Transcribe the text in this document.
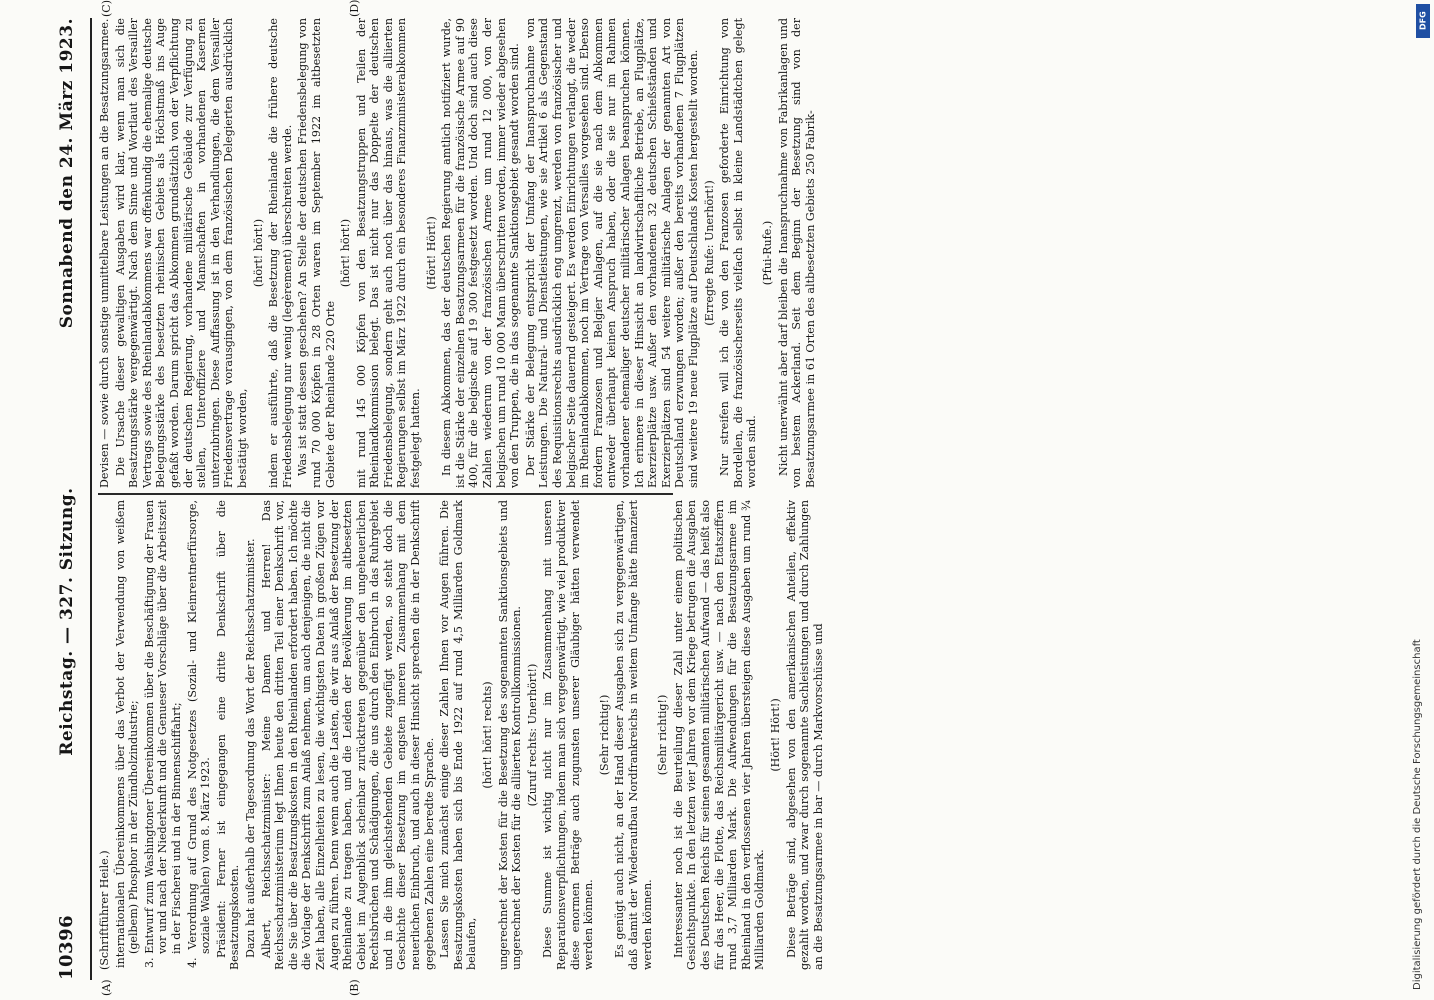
10396
Reichstag. — 327. Sitzung.
Sonnabend den 24. März 1923.
(A)	(B)
(C)	(D)

(Schriftführer Heile.) internationalen Übereinkommens über das Verbot der Verwendung von weißem (gelbem) Phosphor in der Zündholzindustrie; 3. Entwurf zum Washingtoner Übereinkommen über die Beschäftigung der Frauen vor und nach der Niederkunft und die Genueser Vorschläge über die Arbeitszeit in der Fischerei und in der Binnenschiffahrt; 4. Verordnung auf Grund des Notgesetzes (Sozial- und Kleinrentnerfürsorge, soziale Wahlen) vom 8. März 1923. Präsident: Ferner ist eingegangen eine dritte Denkschrift über die Besatzungskosten. Dazu hat außerhalb der Tagesordnung das Wort der Reichsschatzminister. Albert, Reichsschatzminister: Meine Damen und Herren! Das Reichsschatzministerium legt Ihnen heute den dritten Teil einer Denkschrift vor, die Sie über die Besatzungskosten in den Rheinlanden erfordert haben. Ich möchte die Vorlage der Denkschrift zum Anlaß nehmen, um auch denjenigen, die nicht die Zeit haben, alle Einzelheiten zu lesen, die wichtigsten Daten in großen Zügen vor Augen zu führen. Denn wenn auch die Lasten, die wir aus Anlaß der Besetzung der Rheinlande zu tragen haben, und die Leiden der Bevölkerung im altbesetzten Gebiet im Augenblick scheinbar zurücktreten gegenüber den ungeheuerlichen Rechtsbrüchen und Schädigungen, die uns durch den Einbruch in das Ruhrgebiet und in die ihm gleichstehenden Gebiete zugefügt werden, so steht doch die Geschichte dieser Besetzung im engsten inneren Zusammenhang mit dem neuerlichen Einbruch, und auch in dieser Hinsicht sprechen die in der Denkschrift gegebenen Zahlen eine beredte Sprache. Lassen Sie mich zunächst einige dieser Zahlen Ihnen vor Augen führen. Die Besatzungskosten haben sich bis Ende 1922 auf rund 4,5 Milliarden Goldmark belaufen,

(hört! hört! rechts) ungerechnet der Kosten für die Besetzung des sogenannten Sanktionsgebiets und ungerechnet der Kosten für die alliierten Kontrollkommissionen. (Zuruf rechts: Unerhört!) Diese Summe ist wichtig nicht nur im Zusammenhang mit unseren Reparationsverpflichtungen, indem man sich vergegenwärtigt, wie viel produktiver diese enormen Beträge auch zugunsten unserer Gläubiger hätten verwendet werden können.

(Sehr richtig!) Es genügt auch nicht, an der Hand dieser Ausgaben sich zu vergegenwärtigen, daß damit der Wiederaufbau Nordfrankreichs in weitem Umfange hätte finanziert werden können.

(Sehr richtig!) Interessanter noch ist die Beurteilung dieser Zahl unter einem politischen Gesichtspunkte. In den letzten vier Jahren vor dem Kriege betrugen die Ausgaben des Deutschen Reichs für seinen gesamten militärischen Aufwand — das heißt also für das Heer, die Flotte, das Reichsmilitärgericht usw. — nach den Etatsziffern rund 3,7 Milliarden Mark. Die Aufwendungen für die Besatzungsarmee im Rheinland in den verflossenen vier Jahren übersteigen diese Ausgaben um rund ¾ Milliarden Goldmark.

(Hört! Hört!) Diese Beträge sind, abgesehen von den amerikanischen Anteilen, effektiv gezahlt worden, und zwar durch sogenannte Sachleistungen und durch Zahlungen an die Besatzungsarmee in bar — durch Markvorschüsse und

Devisen — sowie durch sonstige unmittelbare Leistungen an die Besatzungsarmee. Die Ursache dieser gewaltigen Ausgaben wird klar, wenn man sich die Besatzungsstärke vergegenwärtigt. Nach dem Sinne und Wortlaut des Versailler Vertrags sowie des Rheinlandabkommens war offenkundig die ehemalige deutsche Belegungsstärke des besetzten rheinischen Gebiets als Höchstmaß ins Auge gefaßt worden. Darum spricht das Abkommen grundsätzlich von der Verpflichtung der deutschen Regierung, vorhandene militärische Gebäude zur Verfügung zu stellen, Unteroffiziere und Mannschaften in vorhandenen Kasernen unterzubringen. Diese Auffassung ist in den Verhandlungen, die dem Versailler Friedensvertrage vorausgingen, von dem französischen Delegierten ausdrücklich bestätigt worden,

(hört! hört!) indem er ausführte, daß die Besetzung der Rheinlande die frühere deutsche Friedensbelegung nur wenig (legèrement) überschreiten werde. Was ist statt dessen geschehen? An Stelle der deutschen Friedensbelegung von rund 70 000 Köpfen in 28 Orten waren im September 1922 im altbesetzten Gebiete der Rheinlande 220 Orte

(hört! hört!) mit rund 145 000 Köpfen von den Besatzungstruppen und Teilen der Rheinlandkommission belegt. Das ist nicht nur das Doppelte der deutschen Friedensbelegung, sondern geht auch noch über das hinaus, was die alliierten Regierungen selbst im März 1922 durch ein besonderes Finanzministerabkommen festgelegt hatten.

(Hört! Hört!) In diesem Abkommen, das der deutschen Regierung amtlich notifiziert wurde, ist die Stärke der einzelnen Besatzungsarmeen für die französische Armee auf 90 400, für die belgische auf 19 300 festgesetzt worden. Und doch sind auch diese Zahlen wiederum von der französischen Armee um rund 12 000, von der belgischen um rund 10 000 Mann überschritten worden, immer wieder abgesehen von den Truppen, die in das sogenannte Sanktionsgebiet gesandt worden sind. Der Stärke der Belegung entspricht der Umfang der Inanspruchnahme von Leistungen. Die Natural- und Dienstleistungen, wie sie Artikel 6 als Gegenstand des Requisitionsrechts ausdrücklich eng umgrenzt, werden von französischer und belgischer Seite dauernd gesteigert. Es werden Einrichtungen verlangt, die weder im Rheinlandabkommen, noch im Vertrage von Versailles vorgesehen sind. Ebenso fordern Franzosen und Belgier Anlagen, auf die sie nach dem Abkommen entweder überhaupt keinen Anspruch haben, oder die sie nur im Rahmen vorhandener ehemaliger deutscher militärischer Anlagen beanspruchen können. Ich erinnere in dieser Hinsicht an landwirtschaftliche Betriebe, an Flugplätze, Exerzierplätze usw. Außer den vorhandenen 32 deutschen Schießständen und Exerzierplätzen sind 54 weitere militärische Anlagen der genannten Art von Deutschland erzwungen worden; außer den bereits vorhandenen 7 Flugplätzen sind weitere 19 neue Flugplätze auf Deutschlands Kosten hergestellt worden. (Erregte Rufe: Unerhört!) Nur streifen will ich die von den Franzosen geforderte Einrichtung von Bordellen, die französischerseits vielfach selbst in kleine Landstädtchen gelegt worden sind.

(Pfui-Rufe.) Nicht unerwähnt aber darf bleiben die Inanspruchnahme von Fabrikanlagen und von bestem Ackerland. Seit dem Beginn der Besetzung sind von der Besatzungsarmee in 61 Orten des altbesetzten Gebiets 250 Fabrik-

Digitalisierung gefördert durch die Deutsche Forschungsgemeinschaft
DFG
